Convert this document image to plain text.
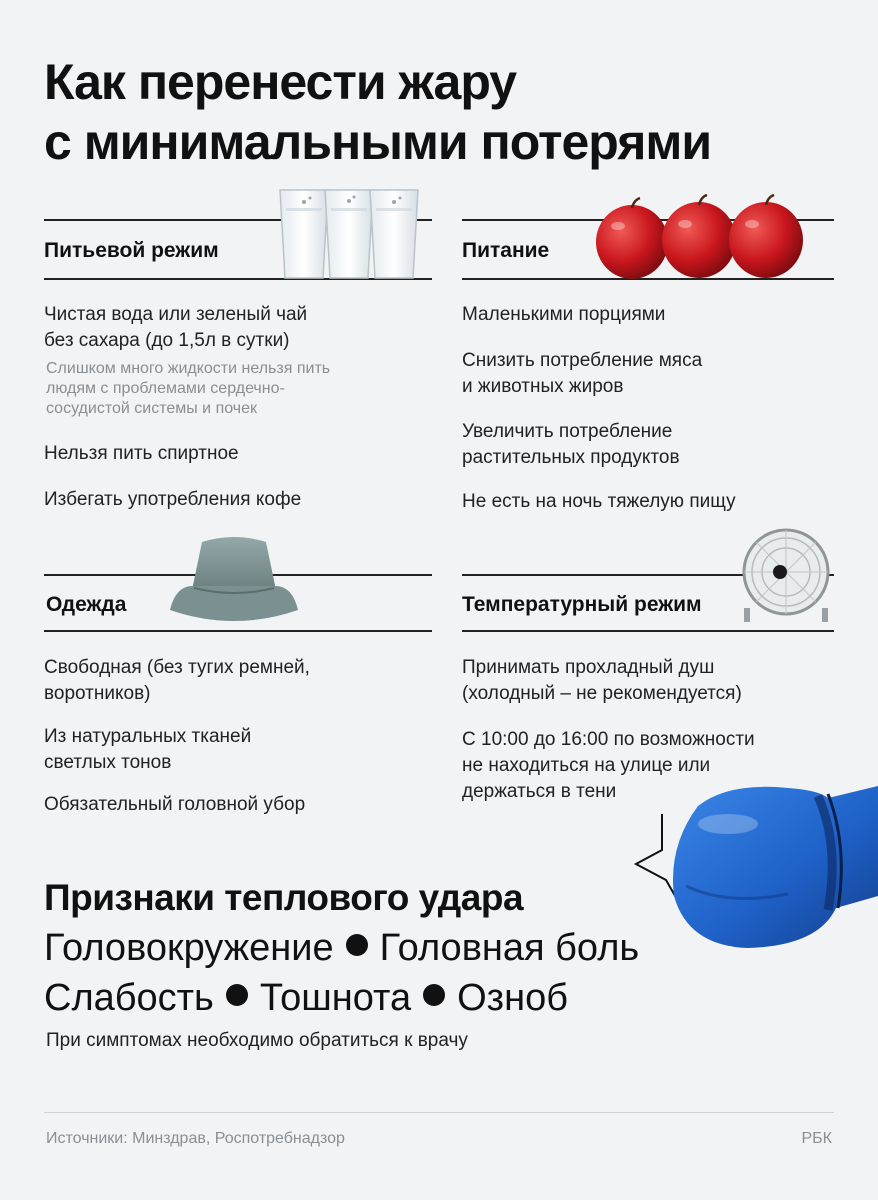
Как перенести жару
с минимальными потерями
Питьевой режим
Чистая вода или зеленый чай
без сахара (до 1,5л в сутки)
Слишком много жидкости нельзя пить
людям с проблемами сердечно-
сосудистой системы и почек
Нельзя пить спиртное
Избегать употребления кофе
Питание
Маленькими порциями
Снизить потребление мяса
и животных жиров
Увеличить потребление
растительных продуктов
Не есть на ночь тяжелую пищу
Одежда
Свободная (без тугих ремней,
воротников)
Из натуральных тканей
светлых тонов
Обязательный головной убор
Температурный режим
Принимать прохладный душ
(холодный – не рекомендуется)
С 10:00 до 16:00 по возможности
не находиться на улице или
держаться в тени
Признаки теплового удара
Головокружение Головная боль
Слабость Тошнота Озноб
При симптомах необходимо обратиться к врачу
Источники: Минздрав, Роспотребнадзор	РБК
